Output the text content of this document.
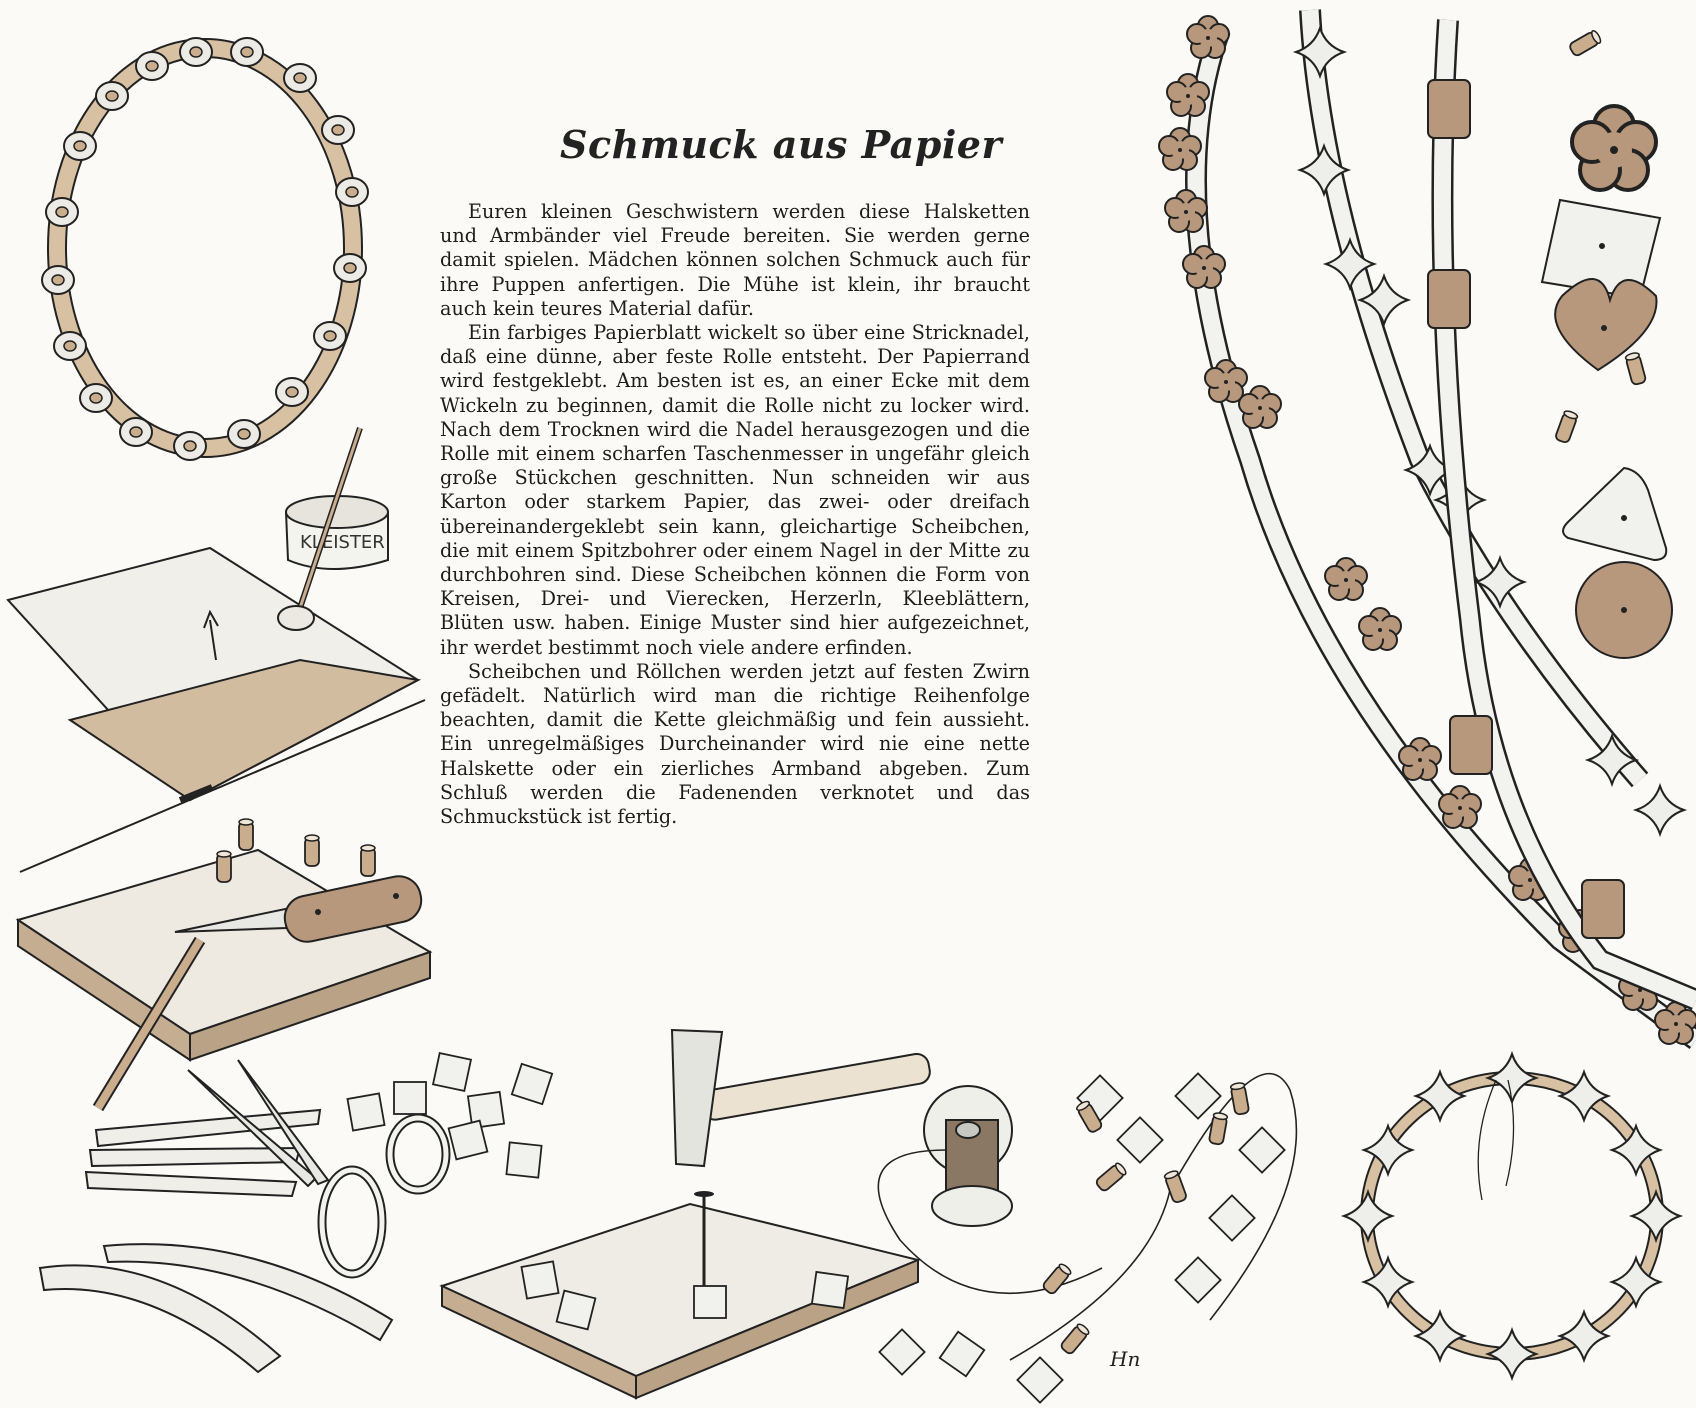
KLEISTER
Hn
Schmuck aus Papier

Euren kleinen Geschwistern werden diese Halsketten und Armbänder viel Freude bereiten. Sie werden gerne damit spielen. Mädchen können solchen Schmuck auch für ihre Puppen anfertigen. Die Mühe ist klein, ihr braucht auch kein teures Material dafür.

Ein farbiges Papierblatt wickelt so über eine Stricknadel, daß eine dünne, aber feste Rolle entsteht. Der Papierrand wird festgeklebt. Am besten ist es, an einer Ecke mit dem Wickeln zu beginnen, damit die Rolle nicht zu locker wird. Nach dem Trocknen wird die Nadel herausgezogen und die Rolle mit einem scharfen Taschenmesser in ungefähr gleich große Stückchen geschnitten. Nun schneiden wir aus Karton oder starkem Papier, das zwei- oder dreifach übereinandergeklebt sein kann, gleichartige Scheibchen, die mit einem Spitzbohrer oder einem Nagel in der Mitte zu durchbohren sind. Diese Scheibchen können die Form von Kreisen, Drei- und Vierecken, Herzerln, Kleeblättern, Blüten usw. haben. Einige Muster sind hier aufgezeichnet, ihr werdet bestimmt noch viele andere erfinden.

Scheibchen und Röllchen werden jetzt auf festen Zwirn gefädelt. Natürlich wird man die richtige Reihenfolge beachten, damit die Kette gleichmäßig und fein aussieht. Ein unregelmäßiges Durcheinander wird nie eine nette Halskette oder ein zierliches Armband abgeben. Zum Schluß werden die Fadenenden verknotet und das Schmuckstück ist fertig.
